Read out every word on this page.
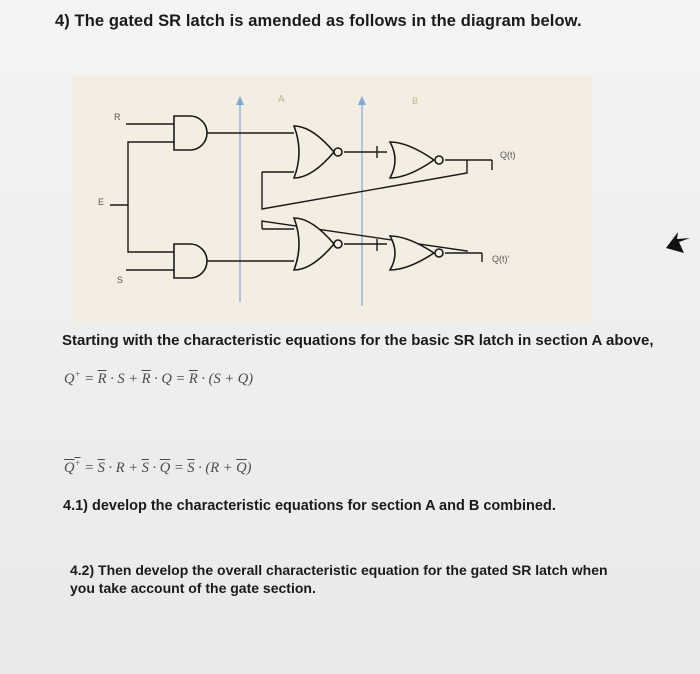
4) The gated SR latch is amended as follows in the diagram below.
A	B
R
E
S
Q(t)
Q(t)'
Starting with the characteristic equations for the basic SR latch in section A above,
$Q^+ = \overline{R} \cdot S + \overline{R} \cdot Q = \overline{R} \cdot (S + Q)$
$Q^+ = \overline{S} \cdot R + \overline{S} \cdot \overline{Q} = \overline{S} \cdot (R + \overline{Q})$
4.1) develop the characteristic equations for section A and B combined.
4.2) Then develop the overall characteristic equation for the gated SR latch when
you take account of the gate section.
